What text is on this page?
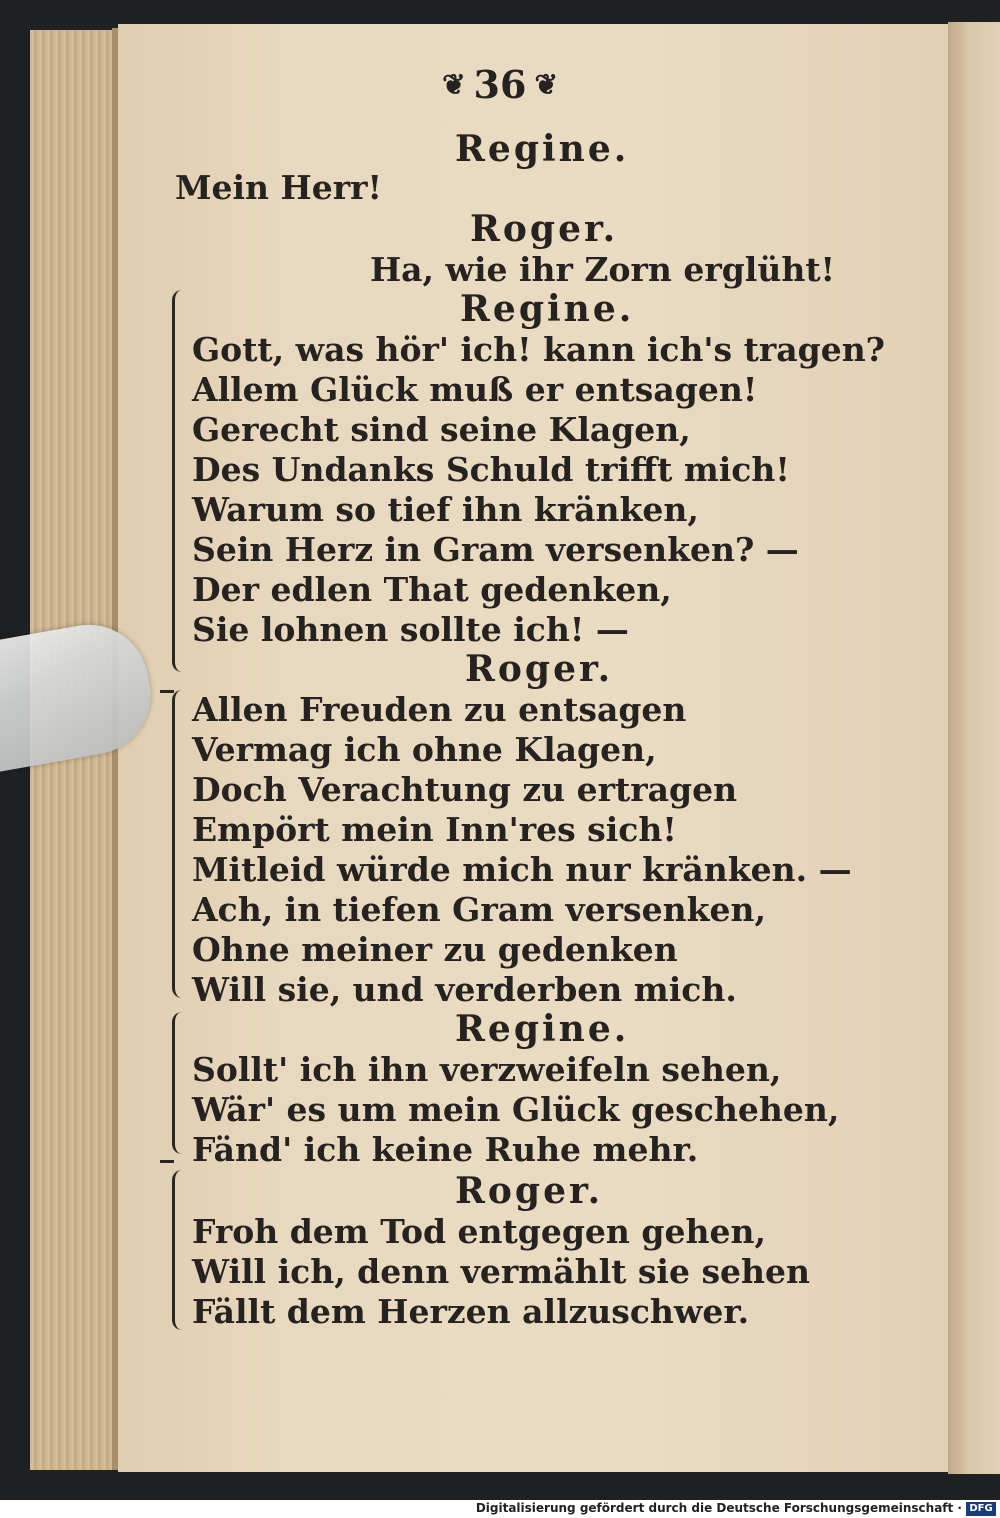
❦ 36 ❦
Regine.
Mein Herr!
Roger.
Ha, wie ihr Zorn erglüht!
Regine.
Gott, was hör' ich! kann ich's tragen?
Allem Glück muß er entsagen!
Gerecht sind seine Klagen,
Des Undanks Schuld trifft mich!
Warum so tief ihn kränken,
Sein Herz in Gram versenken? —
Der edlen That gedenken,
Sie lohnen sollte ich! —
Roger.
Allen Freuden zu entsagen
Vermag ich ohne Klagen,
Doch Verachtung zu ertragen
Empört mein Inn'res sich!
Mitleid würde mich nur kränken. —
Ach, in tiefen Gram versenken,
Ohne meiner zu gedenken
Will sie, und verderben mich.
Regine.
Sollt' ich ihn verzweifeln sehen,
Wär' es um mein Glück geschehen,
Fänd' ich keine Ruhe mehr.
Roger.
Froh dem Tod entgegen gehen,
Will ich, denn vermählt sie sehen
Fällt dem Herzen allzuschwer.
Digitalisierung gefördert durch die Deutsche Forschungsgemeinschaft · DFG
